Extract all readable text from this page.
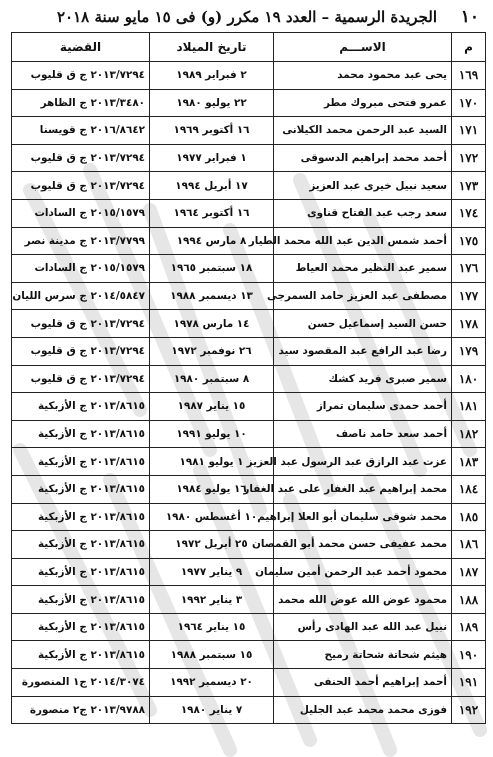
١٠
الجريدة الرسمية – العدد ١٩ مكرر (و) فى ١٥ مايو سنة ٢٠١٨
م	الاســـم	تاريخ الميلاد	القضية
١٦٩	يحى عبد محمود محمد	٢ فبراير ١٩٨٩	٢٠١٣/٧٢٩٤ ج ق قليوب
١٧٠	عمرو فتحى مبروك مطر	٢٢ يوليو ١٩٨٠	٢٠١٣/٣٤٨٠ ج الظاهر
١٧١	السيد عبد الرحمن محمد الكيلانى	١٦ أكتوبر ١٩٦٩	٢٠١٦/٨٦٤٢ ج قويسنا
١٧٢	أحمد محمد إبراهيم الدسوقى	١ فبراير ١٩٧٧	٢٠١٣/٧٢٩٤ ج ق قليوب
١٧٣	سعيد نبيل خيرى عبد العزيز	١٧ أبريل ١٩٩٤	٢٠١٣/٧٢٩٤ ج ق قليوب
١٧٤	سعد رجب عبد الفتاح قناوى	١٦ أكتوبر ١٩٦٤	٢٠١٥/١٥٧٩ ج السادات
١٧٥	أحمد شمس الدين عبد الله محمد الطيار	٨ مارس ١٩٩٤	٢٠١٣/٧٧٩٩ ج مدينة نصر
١٧٦	سمير عبد النظير محمد العياط	١٨ سبتمبر ١٩٦٥	٢٠١٥/١٥٧٩ ج السادات
١٧٧	مصطفى عبد العزيز حامد السمرجى	١٣ ديسمبر ١٩٨٨	٢٠١٤/٥٨٤٧ ج سرس الليان
١٧٨	حسن السيد إسماعيل حسن	١٤ مارس ١٩٧٨	٢٠١٣/٧٢٩٤ ج ق قليوب
١٧٩	رضا عبد الرافع عبد المقصود سيد	٢٦ نوفمبر ١٩٧٢	٢٠١٣/٧٢٩٤ ج ق قليوب
١٨٠	سمير صبرى فريد كشك	٨ سبتمبر ١٩٨٠	٢٠١٣/٧٢٩٤ ج ق قليوب
١٨١	أحمد حمدى سليمان تمراز	١٥ يناير ١٩٨٧	٢٠١٣/٨٦١٥ ج الأزبكية
١٨٢	أحمد سعد حامد ناصف	١٠ يوليو ١٩٩١	٢٠١٣/٨٦١٥ ج الأزبكية
١٨٣	عزت عبد الرازق عبد الرسول عبد العزيز	١ يوليو ١٩٨١	٢٠١٣/٨٦١٥ ج الأزبكية
١٨٤	محمد إبراهيم عبد الغفار على عبد الغفار	١٦ يوليو ١٩٨٤	٢٠١٣/٨٦١٥ ج الأزبكية
١٨٥	محمد شوقى سليمان أبو العلا إبراهيم	١٠ أغسطس ١٩٨٠	٢٠١٣/٨٦١٥ ج الأزبكية
١٨٦	محمد عفيفى حسن محمد أبو القمصان	٢٥ أبريل ١٩٧٢	٢٠١٣/٨٦١٥ ج الأزبكية
١٨٧	محمود أحمد عبد الرحمن أمين سليمان	٩ يناير ١٩٧٧	٢٠١٣/٨٦١٥ ج الأزبكية
١٨٨	محمود عوض الله عوض الله محمد	٣ يناير ١٩٩٢	٢٠١٣/٨٦١٥ ج الأزبكية
١٨٩	نبيل عبد الله عبد الهادى رأس	١٥ يناير ١٩٦٤	٢٠١٣/٨٦١٥ ج الأزبكية
١٩٠	هيثم شحاتة شحاتة رميح	١٥ سبتمبر ١٩٨٨	٢٠١٣/٨٦١٥ ج الأزبكية
١٩١	أحمد إبراهيم أحمد الحنفى	٢٠ ديسمبر ١٩٩٢	٢٠١٤/٣٠٧٤ ج١ المنصورة
١٩٢	فوزى محمد محمد عبد الجليل	٧ يناير ١٩٨٠	٢٠١٣/٩٧٨٨ ج٢ منصورة
